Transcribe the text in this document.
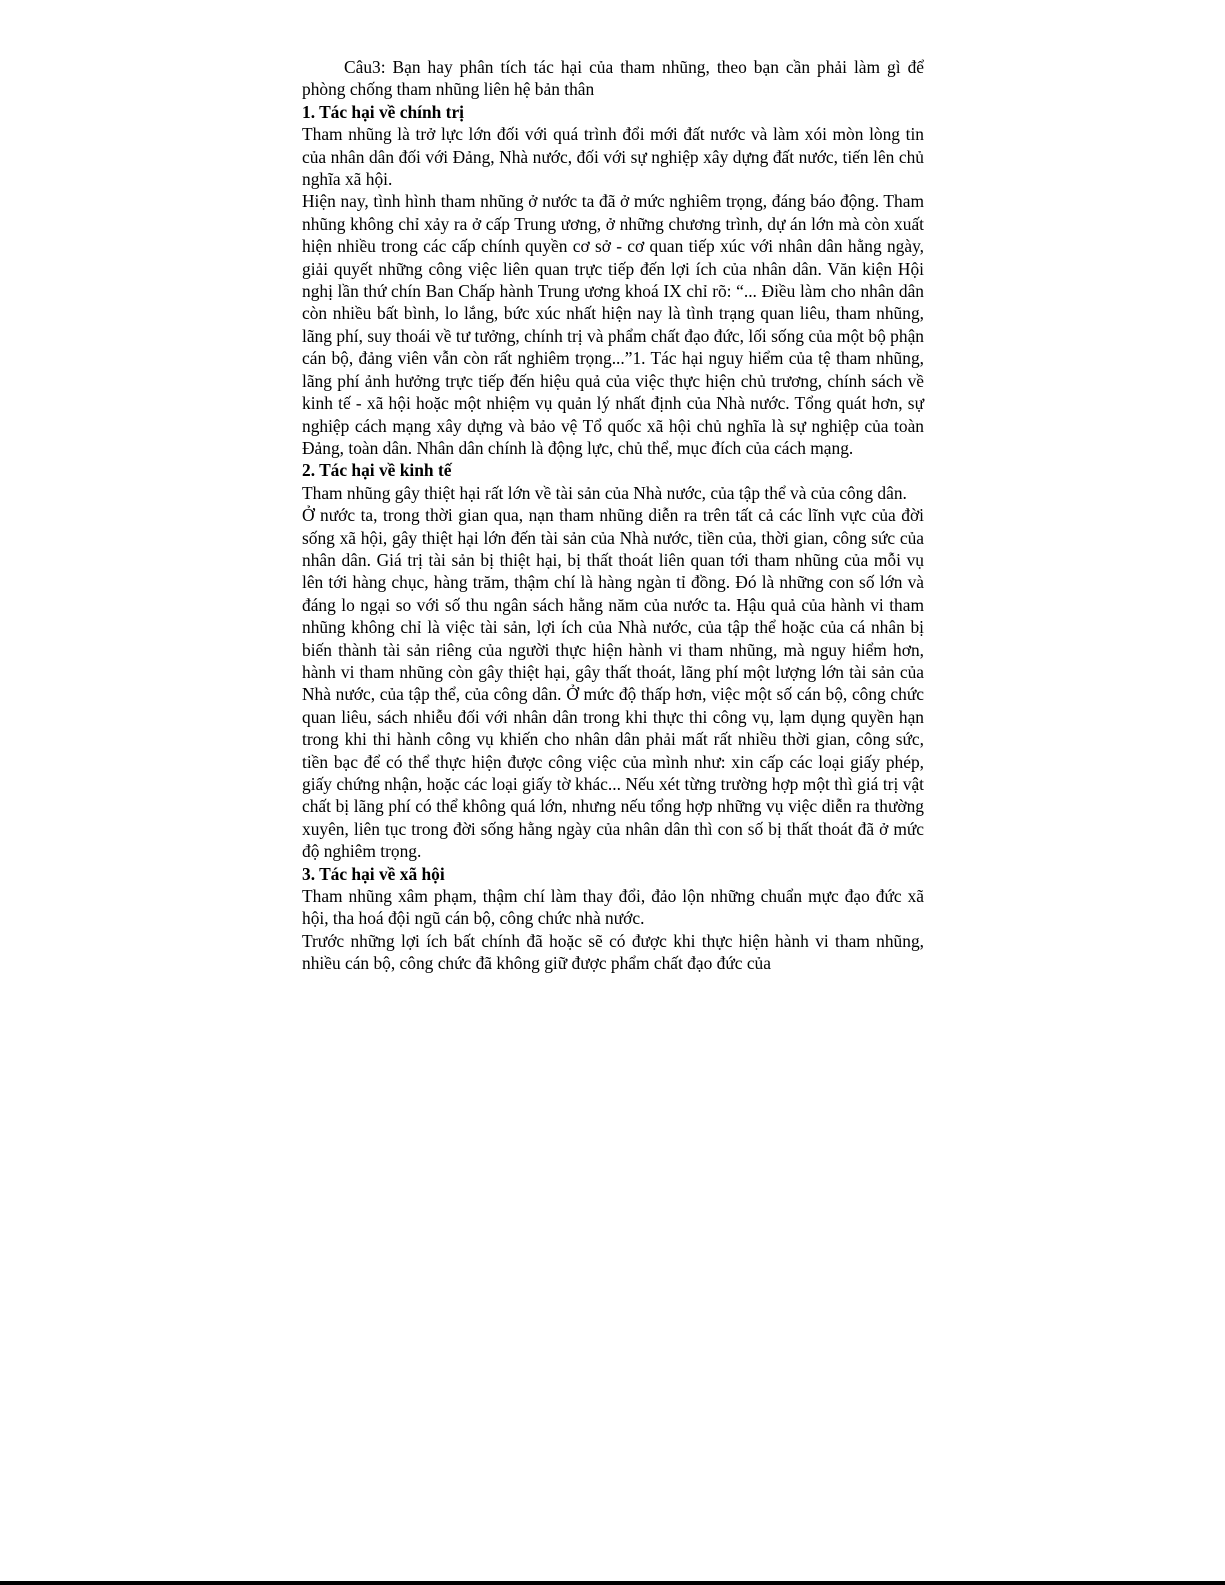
Câu3: Bạn hay phân tích tác hại của tham nhũng, theo bạn cần phải làm gì để phòng chống tham nhũng liên hệ bản thân

1. Tác hại về chính trị

Tham nhũng là trở lực lớn đối với quá trình đổi mới đất nước và làm xói mòn lòng tin của nhân dân đối với Đảng, Nhà nước, đối với sự nghiệp xây dựng đất nước, tiến lên chủ nghĩa xã hội.

Hiện nay, tình hình tham nhũng ở nước ta đã ở mức nghiêm trọng, đáng báo động. Tham nhũng không chỉ xảy ra ở cấp Trung ương, ở những chương trình, dự án lớn mà còn xuất hiện nhiều trong các cấp chính quyền cơ sở - cơ quan tiếp xúc với nhân dân hằng ngày, giải quyết những công việc liên quan trực tiếp đến lợi ích của nhân dân. Văn kiện Hội nghị lần thứ chín Ban Chấp hành Trung ương khoá IX chỉ rõ: “... Điều làm cho nhân dân còn nhiều bất bình, lo lắng, bức xúc nhất hiện nay là tình trạng quan liêu, tham nhũng, lãng phí, suy thoái về tư tưởng, chính trị và phẩm chất đạo đức, lối sống của một bộ phận cán bộ, đảng viên vẫn còn rất nghiêm trọng...”1. Tác hại nguy hiểm của tệ tham nhũng, lãng phí ảnh hưởng trực tiếp đến hiệu quả của việc thực hiện chủ trương, chính sách về kinh tế - xã hội hoặc một nhiệm vụ quản lý nhất định của Nhà nước. Tổng quát hơn, sự nghiệp cách mạng xây dựng và bảo vệ Tổ quốc xã hội chủ nghĩa là sự nghiệp của toàn Đảng, toàn dân. Nhân dân chính là động lực, chủ thể, mục đích của cách mạng.

2. Tác hại về kinh tế

Tham nhũng gây thiệt hại rất lớn về tài sản của Nhà nước, của tập thể và của công dân.

Ở nước ta, trong thời gian qua, nạn tham nhũng diễn ra trên tất cả các lĩnh vực của đời sống xã hội, gây thiệt hại lớn đến tài sản của Nhà nước, tiền của, thời gian, công sức của nhân dân. Giá trị tài sản bị thiệt hại, bị thất thoát liên quan tới tham nhũng của mỗi vụ lên tới hàng chục, hàng trăm, thậm chí là hàng ngàn tỉ đồng. Đó là những con số lớn và đáng lo ngại so với số thu ngân sách hằng năm của nước ta. Hậu quả của hành vi tham nhũng không chỉ là việc tài sản, lợi ích của Nhà nước, của tập thể hoặc của cá nhân bị biến thành tài sản riêng của người thực hiện hành vi tham nhũng, mà nguy hiểm hơn, hành vi tham nhũng còn gây thiệt hại, gây thất thoát, lãng phí một lượng lớn tài sản của Nhà nước, của tập thể, của công dân. Ở mức độ thấp hơn, việc một số cán bộ, công chức quan liêu, sách nhiễu đối với nhân dân trong khi thực thi công vụ, lạm dụng quyền hạn trong khi thi hành công vụ khiến cho nhân dân phải mất rất nhiều thời gian, công sức, tiền bạc để có thể thực hiện được công việc của mình như: xin cấp các loại giấy phép, giấy chứng nhận, hoặc các loại giấy tờ khác... Nếu xét từng trường hợp một thì giá trị vật chất bị lãng phí có thể không quá lớn, nhưng nếu tổng hợp những vụ việc diễn ra thường xuyên, liên tục trong đời sống hằng ngày của nhân dân thì con số bị thất thoát đã ở mức độ nghiêm trọng.

3. Tác hại về xã hội

Tham nhũng xâm phạm, thậm chí làm thay đổi, đảo lộn những chuẩn mực đạo đức xã hội, tha hoá đội ngũ cán bộ, công chức nhà nước.

Trước những lợi ích bất chính đã hoặc sẽ có được khi thực hiện hành vi tham nhũng, nhiều cán bộ, công chức đã không giữ được phẩm chất đạo đức của
